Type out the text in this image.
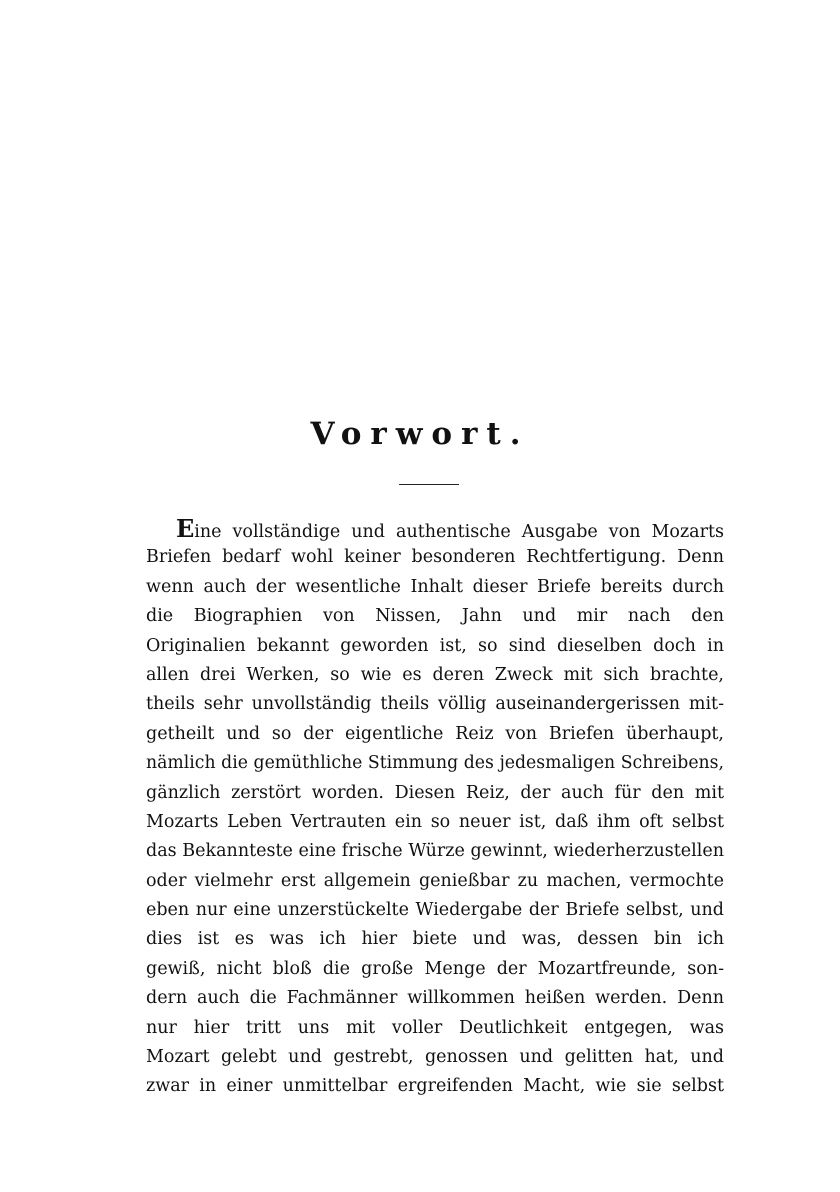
Vorwort.
Eine vollständige und authentische Ausgabe von Mozarts
Briefen bedarf wohl keiner besonderen Rechtfertigung. Denn
wenn auch der wesentliche Inhalt dieser Briefe bereits durch
die Biographien von Nissen, Jahn und mir nach den
Originalien bekannt geworden ist, so sind dieselben doch in
allen drei Werken, so wie es deren Zweck mit sich brachte,
theils sehr unvollständig theils völlig auseinandergerissen mit-
getheilt und so der eigentliche Reiz von Briefen überhaupt,
nämlich die gemüthliche Stimmung des jedesmaligen Schreibens,
gänzlich zerstört worden. Diesen Reiz, der auch für den mit
Mozarts Leben Vertrauten ein so neuer ist, daß ihm oft selbst
das Bekannteste eine frische Würze gewinnt, wiederherzustellen
oder vielmehr erst allgemein genießbar zu machen, vermochte
eben nur eine unzerstückelte Wiedergabe der Briefe selbst, und
dies ist es was ich hier biete und was, dessen bin ich
gewiß, nicht bloß die große Menge der Mozartfreunde, son-
dern auch die Fachmänner willkommen heißen werden. Denn
nur hier tritt uns mit voller Deutlichkeit entgegen, was
Mozart gelebt und gestrebt, genossen und gelitten hat, und
zwar in einer unmittelbar ergreifenden Macht, wie sie selbst
